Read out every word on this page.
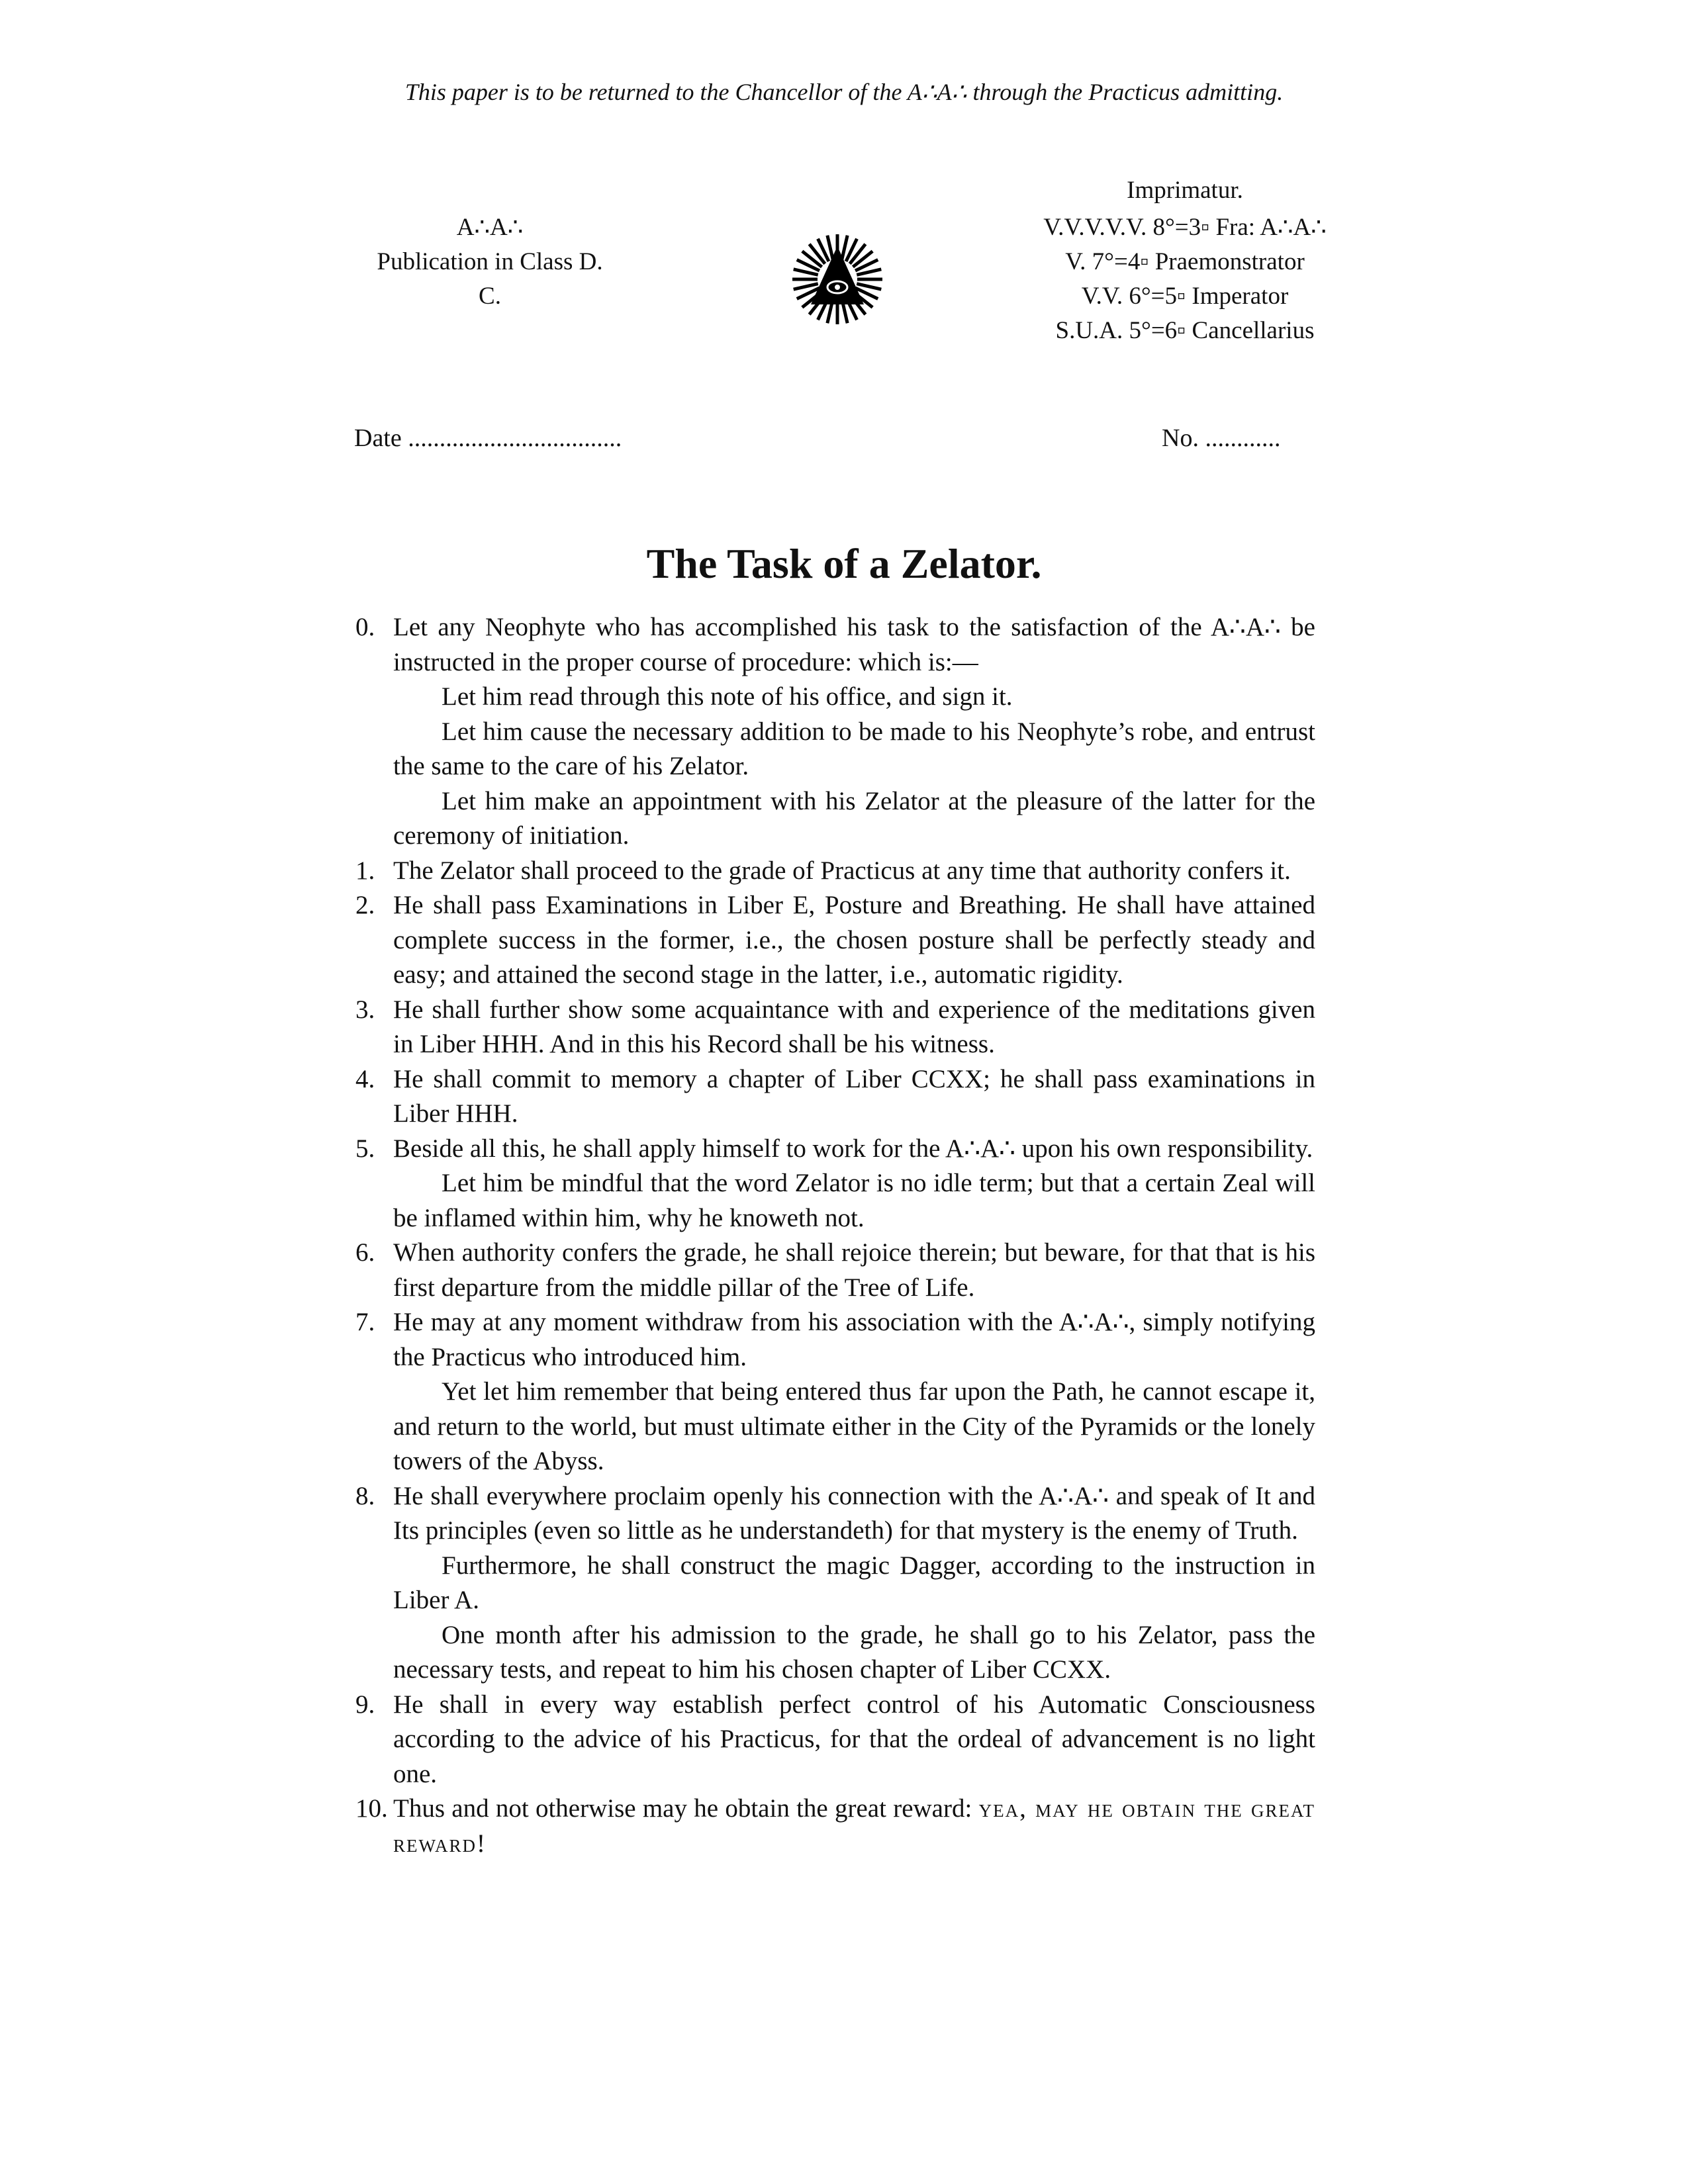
This paper is to be returned to the Chancellor of the A∴A∴ through the Practicus admitting.
A∴A∴
Publication in Class D.
C.
Imprimatur.
V.V.V.V.V. 8°=3▫ Fra: A∴A∴
V. 7°=4▫ Praemonstrator
V.V. 6°=5▫ Imperator
S.U.A. 5°=6▫ Cancellarius
Date ..................................	No. ............
The Task of a Zelator.
0. Let any Neophyte who has accomplished his task to the satisfaction of the A∴A∴ be instructed in the proper course of procedure: which is:—

Let him read through this note of his office, and sign it.

Let him cause the necessary addition to be made to his Neophyte’s robe, and entrust the same to the care of his Zelator.

Let him make an appointment with his Zelator at the pleasure of the latter for the ceremony of initiation.

1. The Zelator shall proceed to the grade of Practicus at any time that authority confers it.

2. He shall pass Examinations in Liber E, Posture and Breathing. He shall have attained complete success in the former, i.e., the chosen posture shall be perfectly steady and easy; and attained the second stage in the latter, i.e., automatic rigidity.

3. He shall further show some acquaintance with and experience of the meditations given in Liber HHH. And in this his Record shall be his witness.

4. He shall commit to memory a chapter of Liber CCXX; he shall pass examinations in Liber HHH.

5. Beside all this, he shall apply himself to work for the A∴A∴ upon his own responsibility.

Let him be mindful that the word Zelator is no idle term; but that a certain Zeal will be inflamed within him, why he knoweth not.

6. When authority confers the grade, he shall rejoice therein; but beware, for that that is his first departure from the middle pillar of the Tree of Life.

7. He may at any moment withdraw from his association with the A∴A∴, simply notifying the Practicus who introduced him.

Yet let him remember that being entered thus far upon the Path, he cannot escape it, and return to the world, but must ultimate either in the City of the Pyramids or the lonely towers of the Abyss.

8. He shall everywhere proclaim openly his connection with the A∴A∴ and speak of It and Its principles (even so little as he understandeth) for that mystery is the enemy of Truth.

Furthermore, he shall construct the magic Dagger, according to the instruction in Liber A.

One month after his admission to the grade, he shall go to his Zelator, pass the necessary tests, and repeat to him his chosen chapter of Liber CCXX.

9. He shall in every way establish perfect control of his Automatic Consciousness according to the advice of his Practicus, for that the ordeal of advancement is no light one.

10. Thus and not otherwise may he obtain the great reward: yea, may he obtain the great reward!
